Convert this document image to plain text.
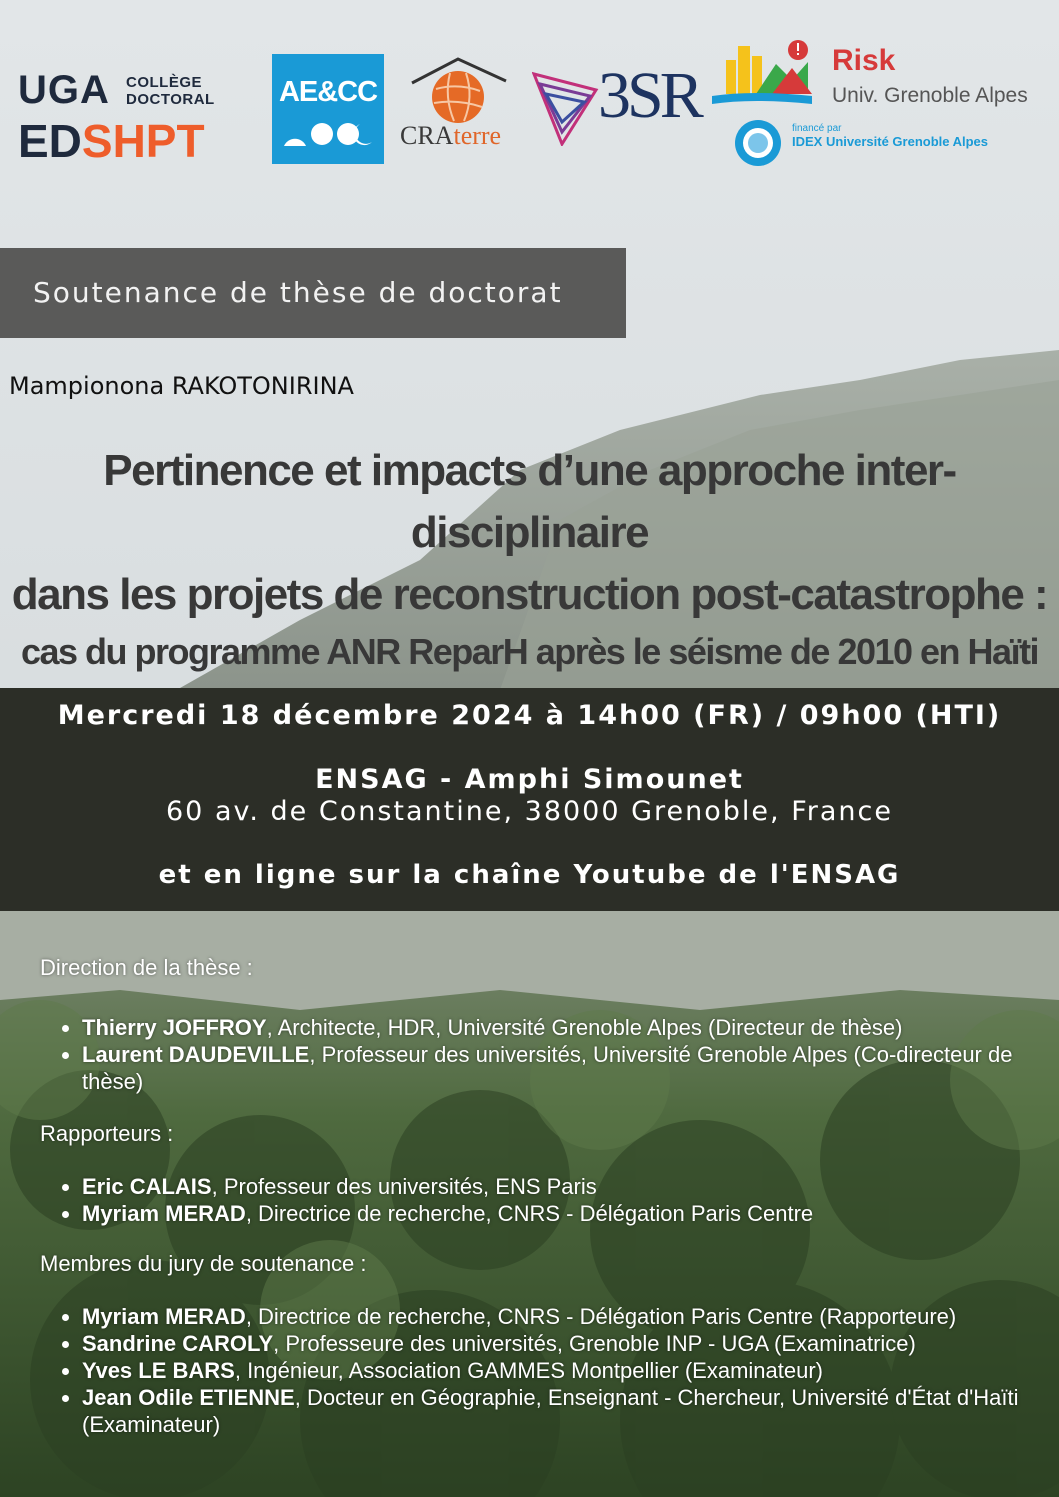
UGA	COLLÈGE
DOCTORAL
EDSHPT
AE&CC
CRAterre
3SR	Risk
Univ. Grenoble Alpes
financé par
IDEX Université Grenoble Alpes
Soutenance de thèse de doctorat
Mampionona RAKOTONIRINA
Pertinence et impacts d’une approche inter-disciplinaire
dans les projets de reconstruction post-catastrophe :
cas du programme ANR ReparH après le séisme de 2010 en Haïti
Mercredi 18 décembre 2024 à 14h00 (FR) / 09h00 (HTI)
ENSAG - Amphi Simounet
60 av. de Constantine, 38000 Grenoble, France
et en ligne sur la chaîne Youtube de l'ENSAG
Direction de la thèse :
• Thierry JOFFROY, Architecte, HDR, Université Grenoble Alpes (Directeur de thèse)
• Laurent DAUDEVILLE, Professeur des universités, Université Grenoble Alpes (Co-directeur de thèse)
Rapporteurs :
• Eric CALAIS, Professeur des universités, ENS Paris
• Myriam MERAD, Directrice de recherche, CNRS - Délégation Paris Centre
Membres du jury de soutenance :
• Myriam MERAD, Directrice de recherche, CNRS - Délégation Paris Centre (Rapporteure)
• Sandrine CAROLY, Professeure des universités, Grenoble INP - UGA (Examinatrice)
• Yves LE BARS, Ingénieur, Association GAMMES Montpellier (Examinateur)
• Jean Odile ETIENNE, Docteur en Géographie, Enseignant - Chercheur, Université d'État d'Haïti (Examinateur)
